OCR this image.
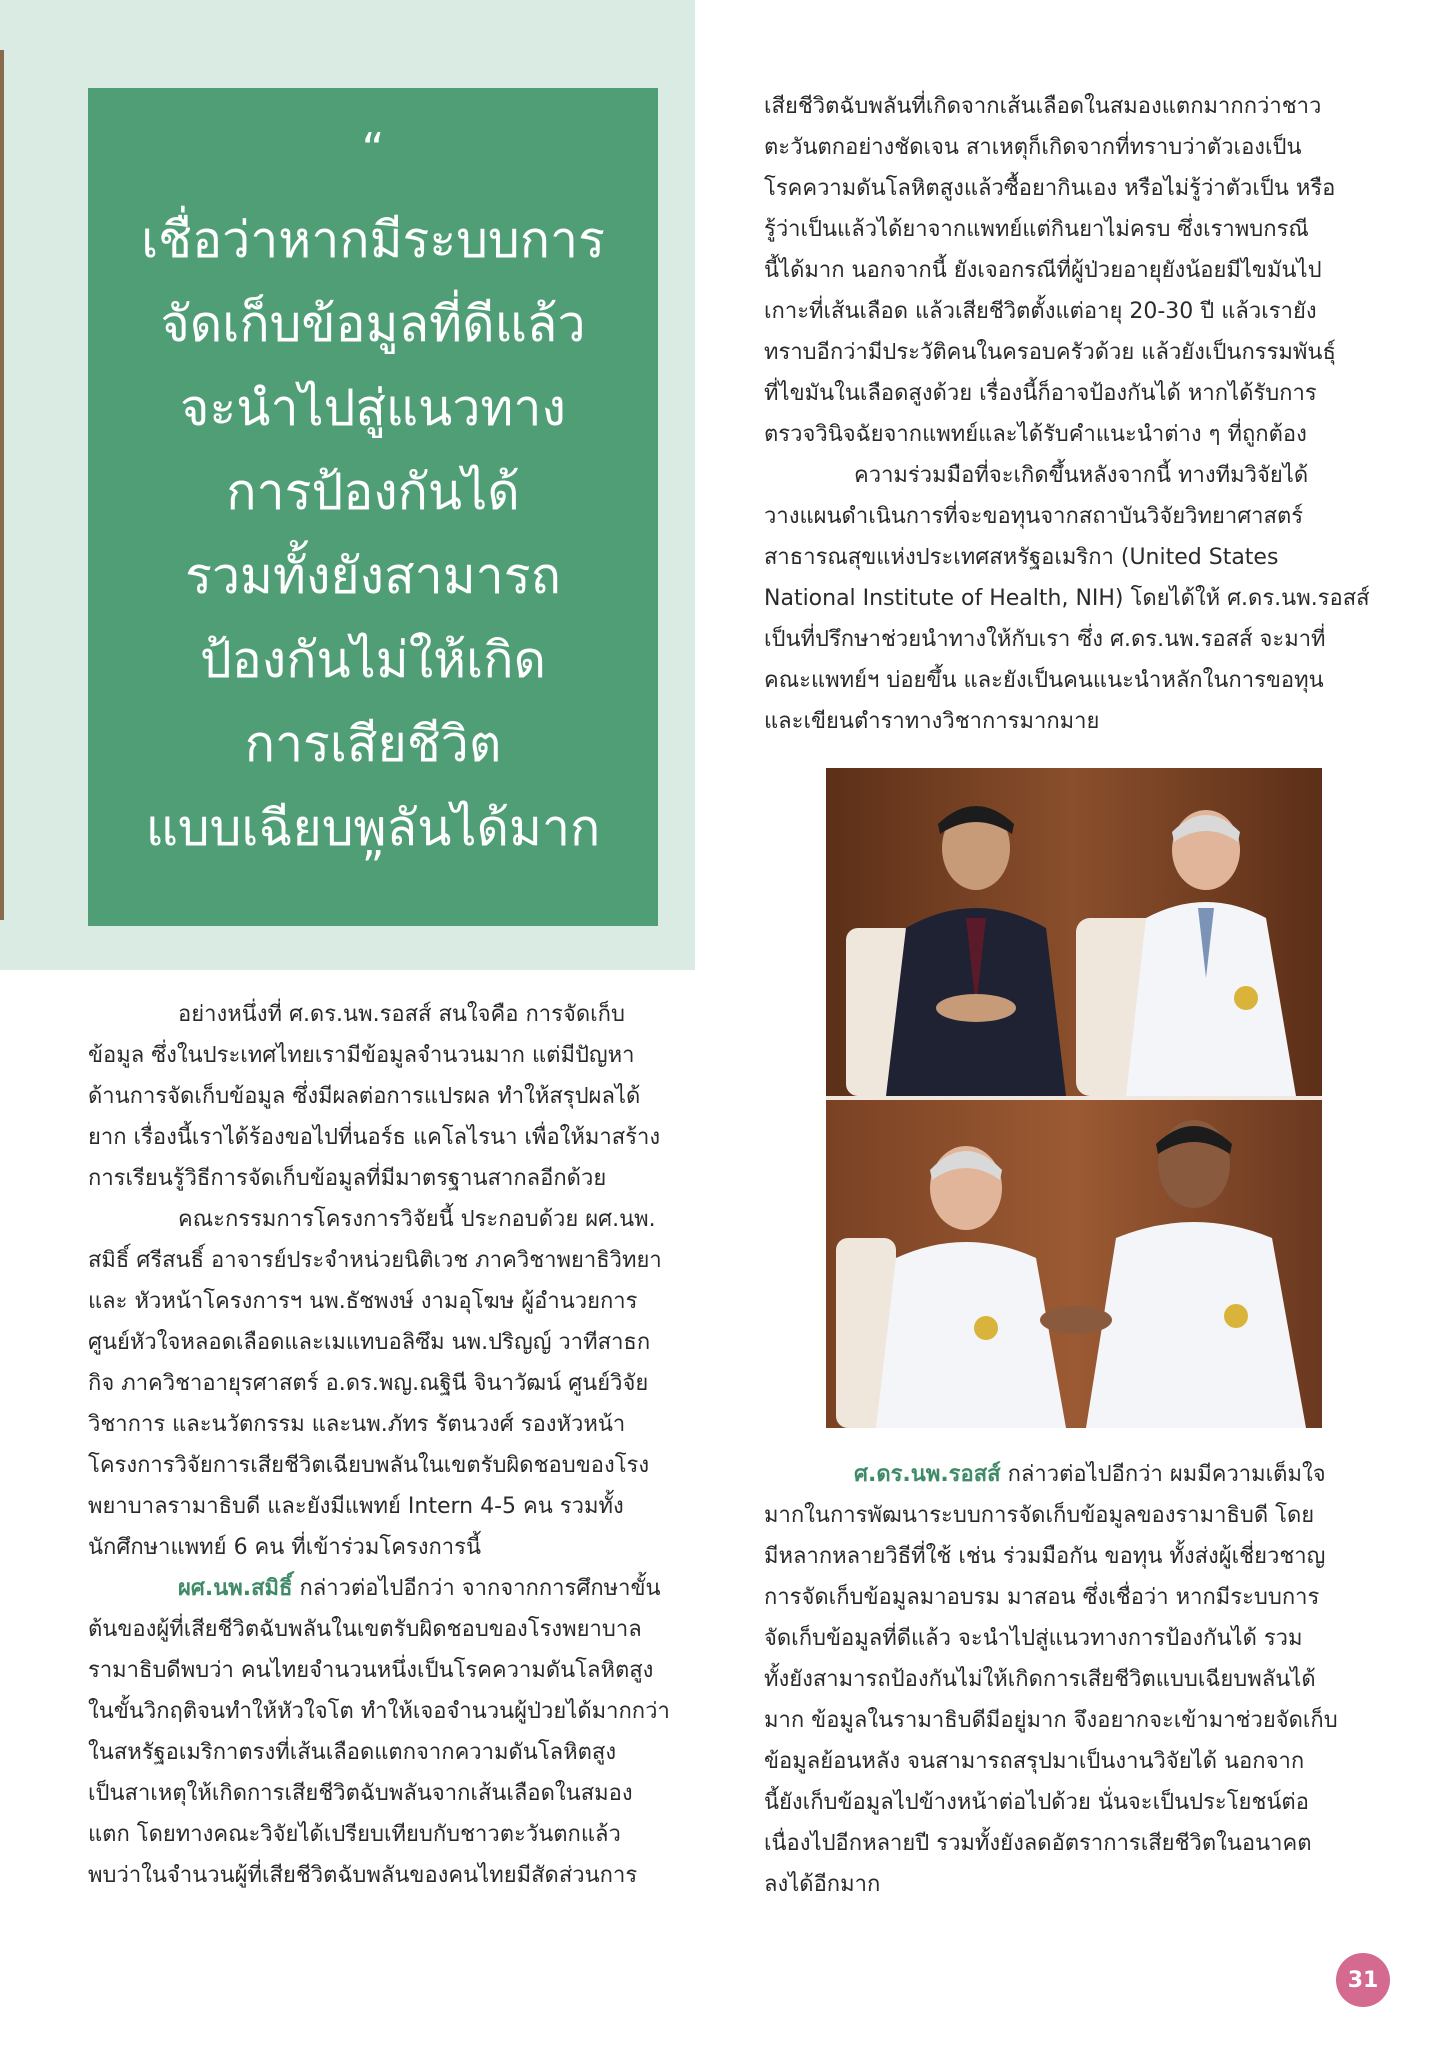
“
เชื่อว่าหากมีระบบการ
จัดเก็บข้อมูลที่ดีแล้ว
จะนำไปสู่แนวทาง
การป้องกันได้
รวมทั้งยังสามารถ
ป้องกันไม่ให้เกิด
การเสียชีวิต
แบบเฉียบพลันได้มาก
”

อย่างหนึ่งที่ ศ.ดร.นพ.รอสส์ สนใจคือ การจัดเก็บ
ข้อมูล ซึ่งในประเทศไทยเรามีข้อมูลจำนวนมาก แต่มีปัญหา
ด้านการจัดเก็บข้อมูล ซึ่งมีผลต่อการแปรผล ทำให้สรุปผลได้
ยาก เรื่องนี้เราได้ร้องขอไปที่นอร์ธ แคโลไรนา เพื่อให้มาสร้าง
การเรียนรู้วิธีการจัดเก็บข้อมูลที่มีมาตรฐานสากลอีกด้วย

คณะกรรมการโครงการวิจัยนี้ ประกอบด้วย ผศ.นพ.
สมิธิ์ ศรีสนธิ์ อาจารย์ประจำหน่วยนิติเวช ภาควิชาพยาธิวิทยา
และ หัวหน้าโครงการฯ นพ.ธัชพงษ์ งามอุโฆษ ผู้อำนวยการ
ศูนย์หัวใจหลอดเลือดและเมแทบอลิซึม นพ.ปริญญ์ วาทีสาธก
กิจ ภาควิชาอายุรศาสตร์ อ.ดร.พญ.ณฐินี จินาวัฒน์ ศูนย์วิจัย
วิชาการ และนวัตกรรม และนพ.ภัทร รัตนวงศ์ รองหัวหน้า
โครงการวิจัยการเสียชีวิตเฉียบพลันในเขตรับผิดชอบของโรง
พยาบาลรามาธิบดี และยังมีแพทย์ Intern 4-5 คน รวมทั้ง
นักศึกษาแพทย์ 6 คน ที่เข้าร่วมโครงการนี้

ผศ.นพ.สมิธิ์ กล่าวต่อไปอีกว่า จากจากการศึกษาขั้น
ต้นของผู้ที่เสียชีวิตฉับพลันในเขตรับผิดชอบของโรงพยาบาล
รามาธิบดีพบว่า คนไทยจำนวนหนึ่งเป็นโรคความดันโลหิตสูง
ในขั้นวิกฤติจนทำให้หัวใจโต ทำให้เจอจำนวนผู้ป่วยได้มากกว่า
ในสหรัฐอเมริกาตรงที่เส้นเลือดแตกจากความดันโลหิตสูง
เป็นสาเหตุให้เกิดการเสียชีวิตฉับพลันจากเส้นเลือดในสมอง
แตก โดยทางคณะวิจัยได้เปรียบเทียบกับชาวตะวันตกแล้ว
พบว่าในจำนวนผู้ที่เสียชีวิตฉับพลันของคนไทยมีสัดส่วนการ

เสียชีวิตฉับพลันที่เกิดจากเส้นเลือดในสมองแตกมากกว่าชาว
ตะวันตกอย่างชัดเจน สาเหตุก็เกิดจากที่ทราบว่าตัวเองเป็น
โรคความดันโลหิตสูงแล้วซื้อยากินเอง หรือไม่รู้ว่าตัวเป็น หรือ
รู้ว่าเป็นแล้วได้ยาจากแพทย์แต่กินยาไม่ครบ ซึ่งเราพบกรณี
นี้ได้มาก นอกจากนี้ ยังเจอกรณีที่ผู้ป่วยอายุยังน้อยมีไขมันไป
เกาะที่เส้นเลือด แล้วเสียชีวิตตั้งแต่อายุ 20-30 ปี แล้วเรายัง
ทราบอีกว่ามีประวัติคนในครอบครัวด้วย แล้วยังเป็นกรรมพันธุ์
ที่ไขมันในเลือดสูงด้วย เรื่องนี้ก็อาจป้องกันได้ หากได้รับการ
ตรวจวินิจฉัยจากแพทย์และได้รับคำแนะนำต่าง ๆ ที่ถูกต้อง

ความร่วมมือที่จะเกิดขึ้นหลังจากนี้ ทางทีมวิจัยได้
วางแผนดำเนินการที่จะขอทุนจากสถาบันวิจัยวิทยาศาสตร์
สาธารณสุขแห่งประเทศสหรัฐอเมริกา (United States
National Institute of Health, NIH) โดยได้ให้ ศ.ดร.นพ.รอสส์
เป็นที่ปรึกษาช่วยนำทางให้กับเรา ซึ่ง ศ.ดร.นพ.รอสส์ จะมาที่
คณะแพทย์ฯ บ่อยขึ้น และยังเป็นคนแนะนำหลักในการขอทุน
และเขียนตำราทางวิชาการมากมาย

ศ.ดร.นพ.รอสส์ กล่าวต่อไปอีกว่า ผมมีความเต็มใจ
มากในการพัฒนาระบบการจัดเก็บข้อมูลของรามาธิบดี โดย
มีหลากหลายวิธีที่ใช้ เช่น ร่วมมือกัน ขอทุน ทั้งส่งผู้เชี่ยวชาญ
การจัดเก็บข้อมูลมาอบรม มาสอน ซึ่งเชื่อว่า หากมีระบบการ
จัดเก็บข้อมูลที่ดีแล้ว จะนำไปสู่แนวทางการป้องกันได้ รวม
ทั้งยังสามารถป้องกันไม่ให้เกิดการเสียชีวิตแบบเฉียบพลันได้
มาก ข้อมูลในรามาธิบดีมีอยู่มาก จึงอยากจะเข้ามาช่วยจัดเก็บ
ข้อมูลย้อนหลัง จนสามารถสรุปมาเป็นงานวิจัยได้ นอกจาก
นี้ยังเก็บข้อมูลไปข้างหน้าต่อไปด้วย นั่นจะเป็นประโยชน์ต่อ
เนื่องไปอีกหลายปี รวมทั้งยังลดอัตราการเสียชีวิตในอนาคต
ลงได้อีกมาก

31
